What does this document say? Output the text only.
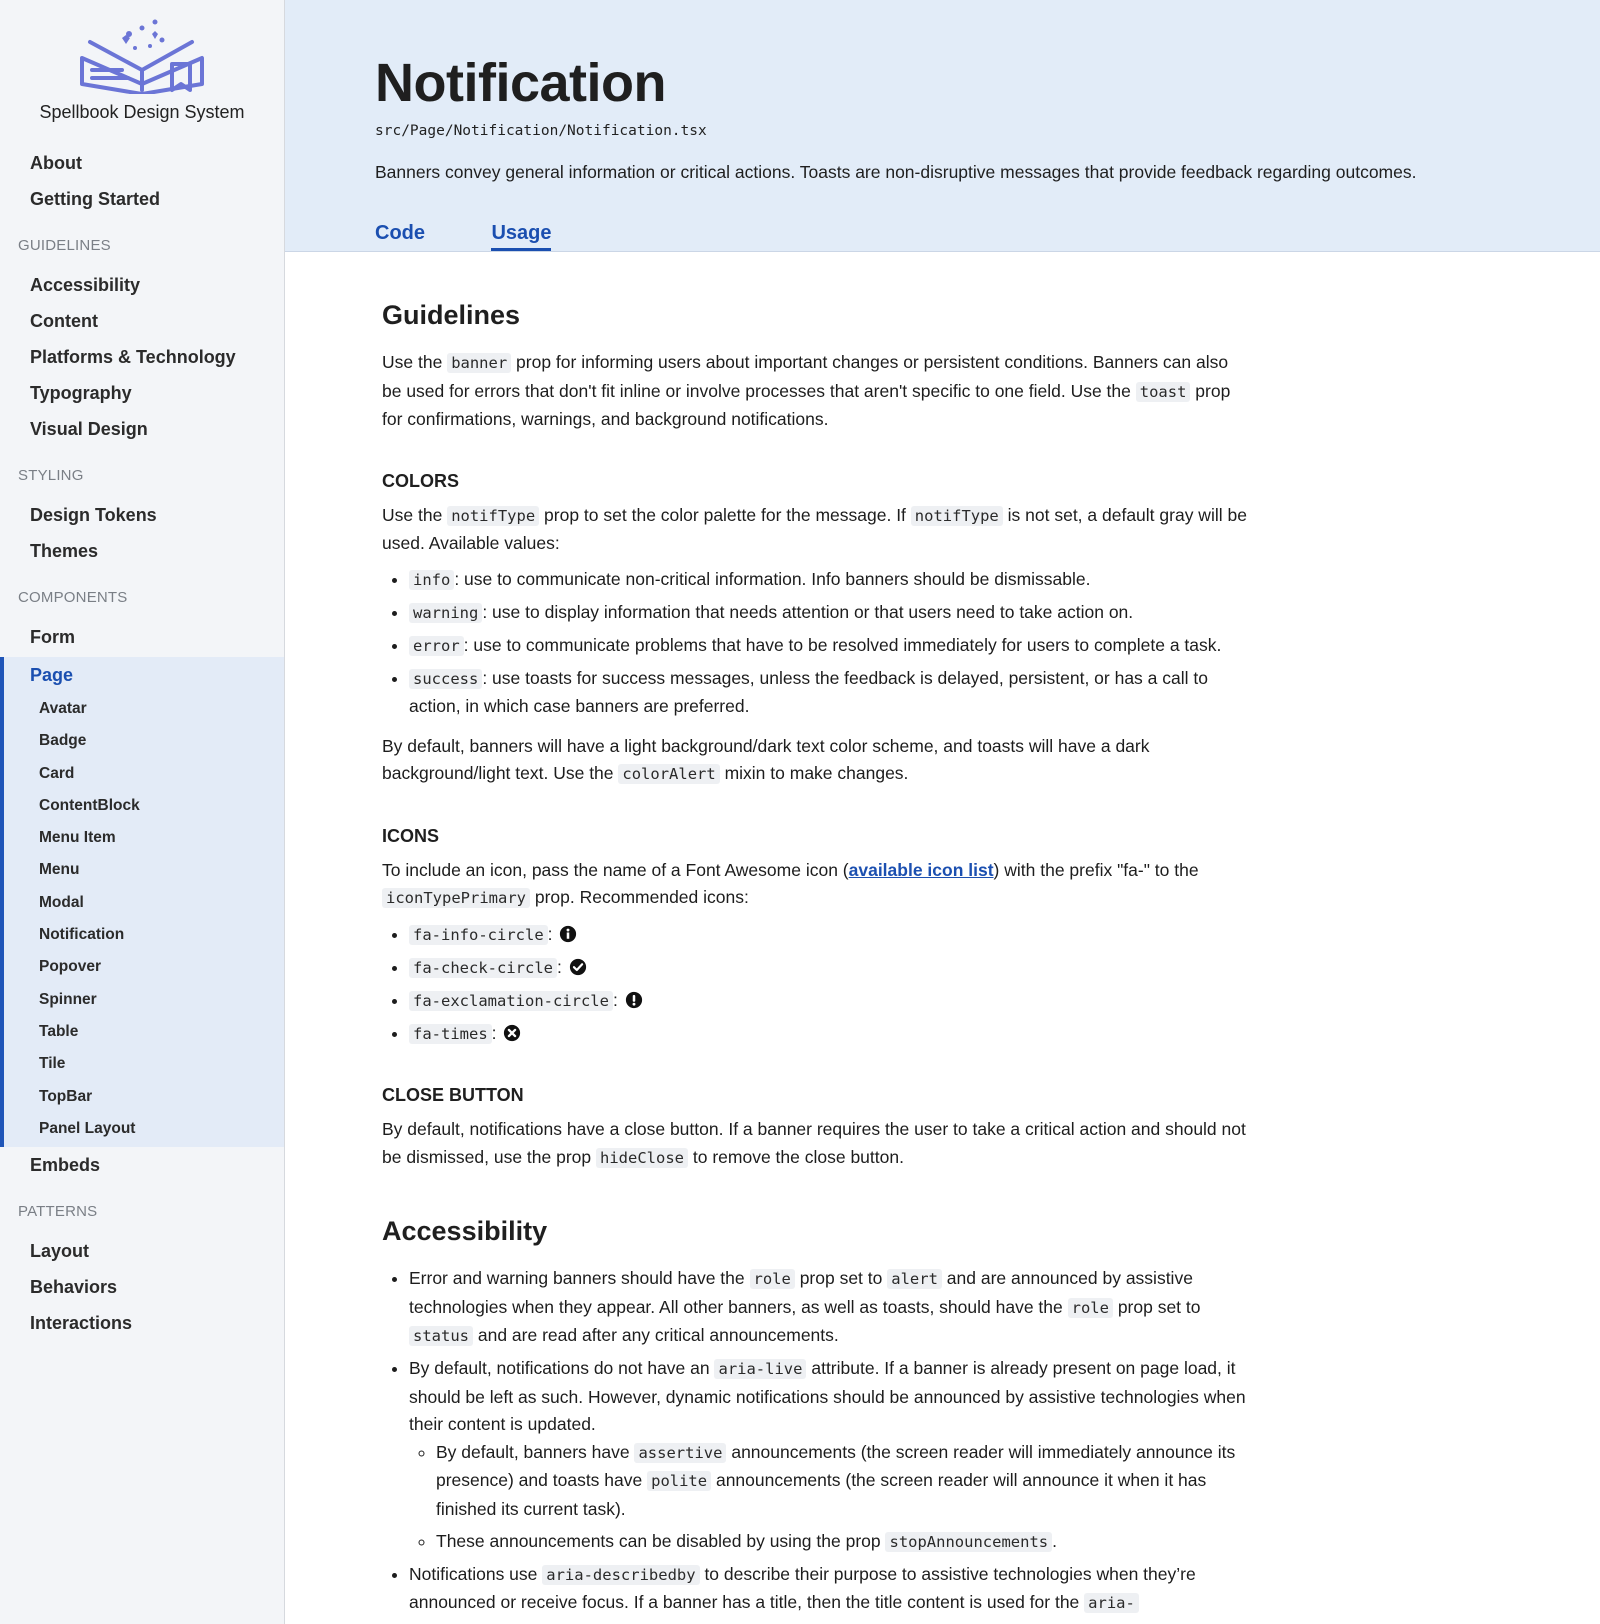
Spellbook Design System
About
Getting Started
GUIDELINES
Accessibility
Content
Platforms & Technology
Typography
Visual Design
STYLING
Design Tokens
Themes
COMPONENTS
Form
Page
Avatar
Badge
Card
ContentBlock
Menu Item
Menu
Modal
Notification
Popover
Spinner
Table
Tile
TopBar
Panel Layout
Embeds
PATTERNS
Layout
Behaviors
Interactions
Notification
src/Page/Notification/Notification.tsx
Banners convey general information or critical actions. Toasts are non-disruptive messages that provide feedback regarding outcomes.
Code	Usage
Guidelines

Use the banner prop for informing users about important changes or persistent conditions. Banners can also be used for errors that don't fit inline or involve processes that aren't specific to one field. Use the toast prop for confirmations, warnings, and background notifications.

COLORS

Use the notifType prop to set the color palette for the message. If notifType is not set, a default gray will be used. Available values:

• info : use to communicate non-critical information. Info banners should be dismissable.
• warning : use to display information that needs attention or that users need to take action on.
• error : use to communicate problems that have to be resolved immediately for users to complete a task.
• success : use toasts for success messages, unless the feedback is delayed, persistent, or has a call to action, in which case banners are preferred.

By default, banners will have a light background/dark text color scheme, and toasts will have a dark background/light text. Use the colorAlert mixin to make changes.

ICONS

To include an icon, pass the name of a Font Awesome icon (available icon list) with the prefix "fa-" to the iconTypePrimary prop. Recommended icons:

• fa-info-circle :
• fa-check-circle :
• fa-exclamation-circle :
• fa-times :
CLOSE BUTTON

By default, notifications have a close button. If a banner requires the user to take a critical action and should not be dismissed, use the prop hideClose to remove the close button.

Accessibility
• Error and warning banners should have the role prop set to alert and are announced by assistive technologies when they appear. All other banners, as well as toasts, should have the role prop set to status and are read after any critical announcements.
• By default, notifications do not have an aria-live attribute. If a banner is already present on page load, it should be left as such. However, dynamic notifications should be announced by assistive technologies when their content is updated.
◦ By default, banners have assertive announcements (the screen reader will immediately announce its presence) and toasts have polite announcements (the screen reader will announce it when it has finished its current task).
◦ These announcements can be disabled by using the prop stopAnnouncements .
• Notifications use aria-describedby to describe their purpose to assistive technologies when they’re announced or receive focus. If a banner has a title, then the title content is used for the aria-
